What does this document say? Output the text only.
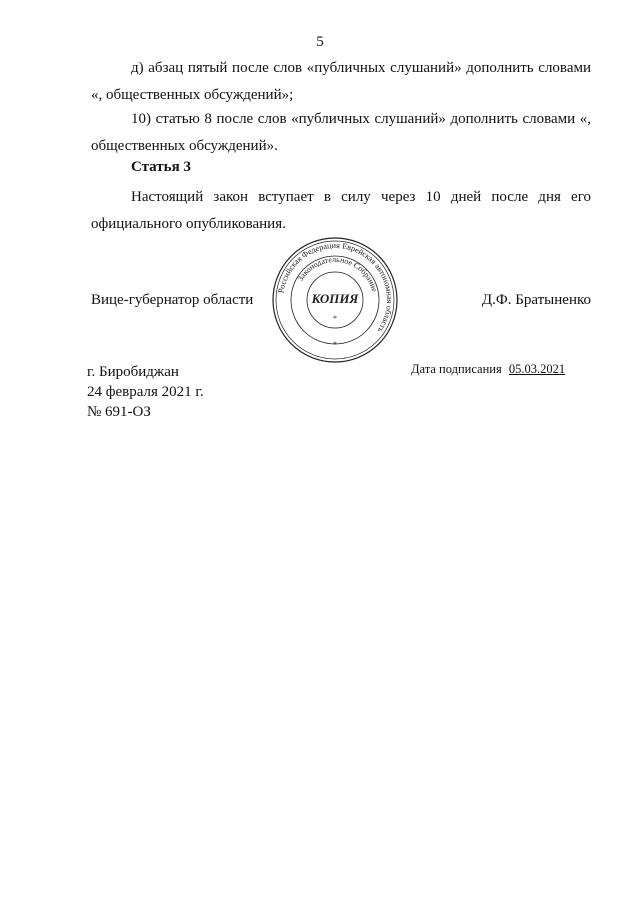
5

д) абзац пятый после слов «публичных слушаний» дополнить словами «, общественных обсуждений»;

10) статью 8 после слов «публичных слушаний» дополнить словами «, общественных обсуждений».

Статья 3

Настоящий закон вступает в силу через 10 дней после дня его официального опубликования.

Вице-губернатор области
Российская Федерация Еврейская автономная область
Законодательное Собрание
КОПИЯ
*
*
Д.Ф. Братыненко
г. Биробиджан
24 февраля 2021 г.
№ 691-ОЗ
Дата подписания 05.03.2021
